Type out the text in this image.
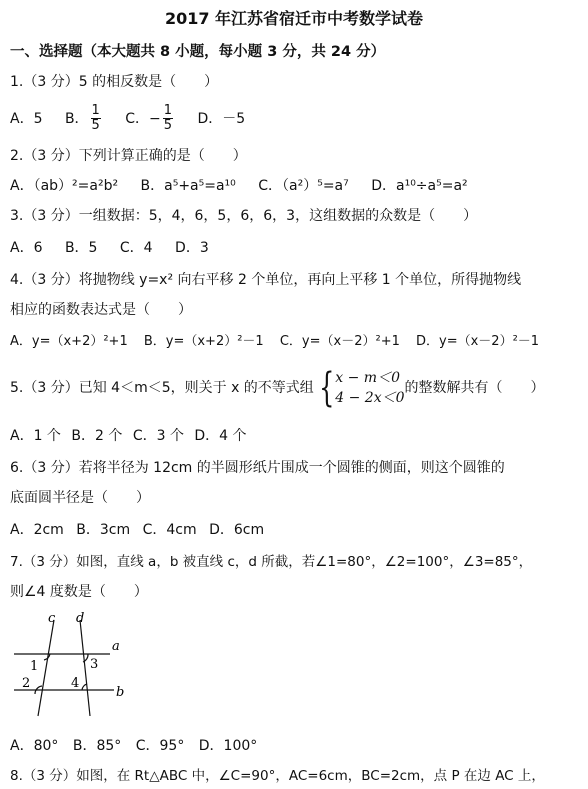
2017 年江苏省宿迁市中考数学试卷
一、选择题（本大题共 8 小题，每小题 3 分，共 24 分）
1.（3 分）5 的相反数是（　　）
A．5 B． $\frac{1}{5}$ C．− $\frac{1}{5}$ D．－5
2.（3 分）下列计算正确的是（　　）
A．（ab）²=a²b² B．a⁵+a⁵=a¹⁰ C．（a²）⁵=a⁷ D．a¹⁰÷a⁵=a²
3.（3 分）一组数据：5，4，6，5，6，6，3，这组数据的众数是（　　）
A．6 B．5 C．4 D．3
4.（3 分）将抛物线 y=x² 向右平移 2 个单位，再向上平移 1 个单位，所得抛物线
相应的函数表达式是（　　）
A．y=（x+2）²+1 B．y=（x+2）²－1 C．y=（x－2）²+1 D．y=（x－2）²－1
5.（3 分）已知 4＜m＜5，则关于 x 的不等式组 { x − m＜0
4 − 2x＜0
的整数解共有（　　）
A．1 个 B．2 个 C．3 个 D．4 个
6.（3 分）若将半径为 12cm 的半圆形纸片围成一个圆锥的侧面，则这个圆锥的
底面圆半径是（　　）
A．2cm B．3cm C．4cm D．6cm
7.（3 分）如图，直线 a，b 被直线 c，d 所截，若∠1=80°，∠2=100°，∠3=85°，
则∠4 度数是（　　）
c d
a
b
1
2
3
4
A．80° B．85° C．95° D．100°
8.（3 分）如图，在 Rt△ABC 中，∠C=90°，AC=6cm，BC=2cm，点 P 在边 AC 上，
